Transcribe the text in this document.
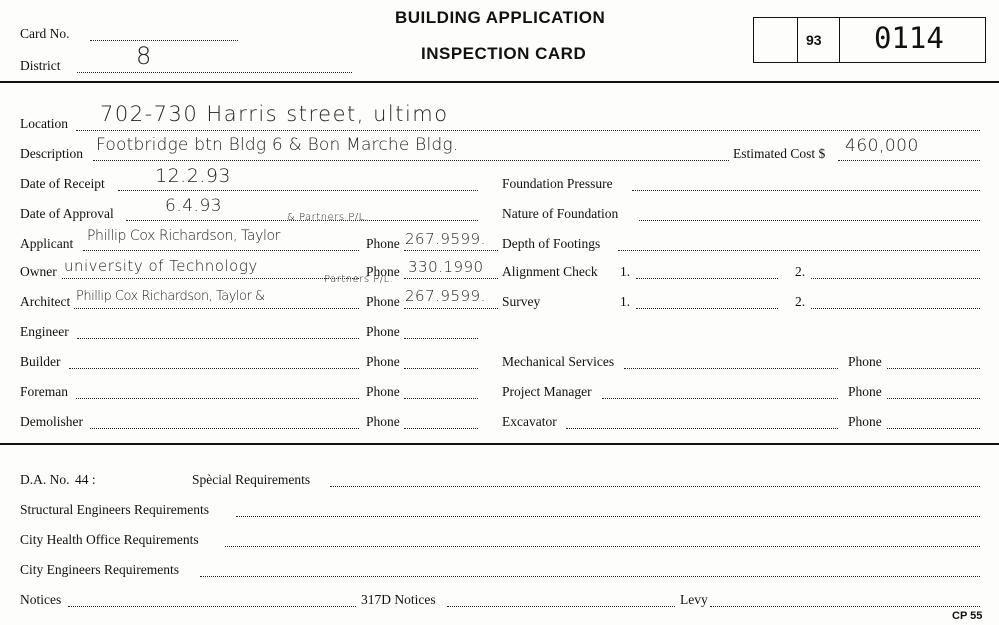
Card No.
District	8
BUILDING APPLICATION
INSPECTION CARD
93 0114
Location 702-730 Harris street, ultimo
Description Footbridge btn Bldg 6 & Bon Marche Bldg.	Estimated Cost $ 460,000
Date of Receipt	12.2.93
Date of Approval	6.4.93
Applicant Phillip Cox Richardson, Taylor
& Partners P/L.
Phone 267.9599.
Owner university of Technology	Phone 330.1990
Architect Phillip Cox Richardson, Taylor &
Partners P/L.
Phone 267.9599.
Engineer	Phone
Builder	Phone
Foreman	Phone
Demolisher	Phone
Foundation Pressure
Nature of Foundation
Depth of Footings
Alignment Check 1.	2.
Survey	1.	2.
Mechanical Services	Phone
Project Manager	Phone
Excavator	Phone
D.A. No. 44 :	Spècial Requirements
Structural Engineers Requirements
City Health Office Requirements
City Engineers Requirements
Notices	317D Notices	Levy
CP 55
